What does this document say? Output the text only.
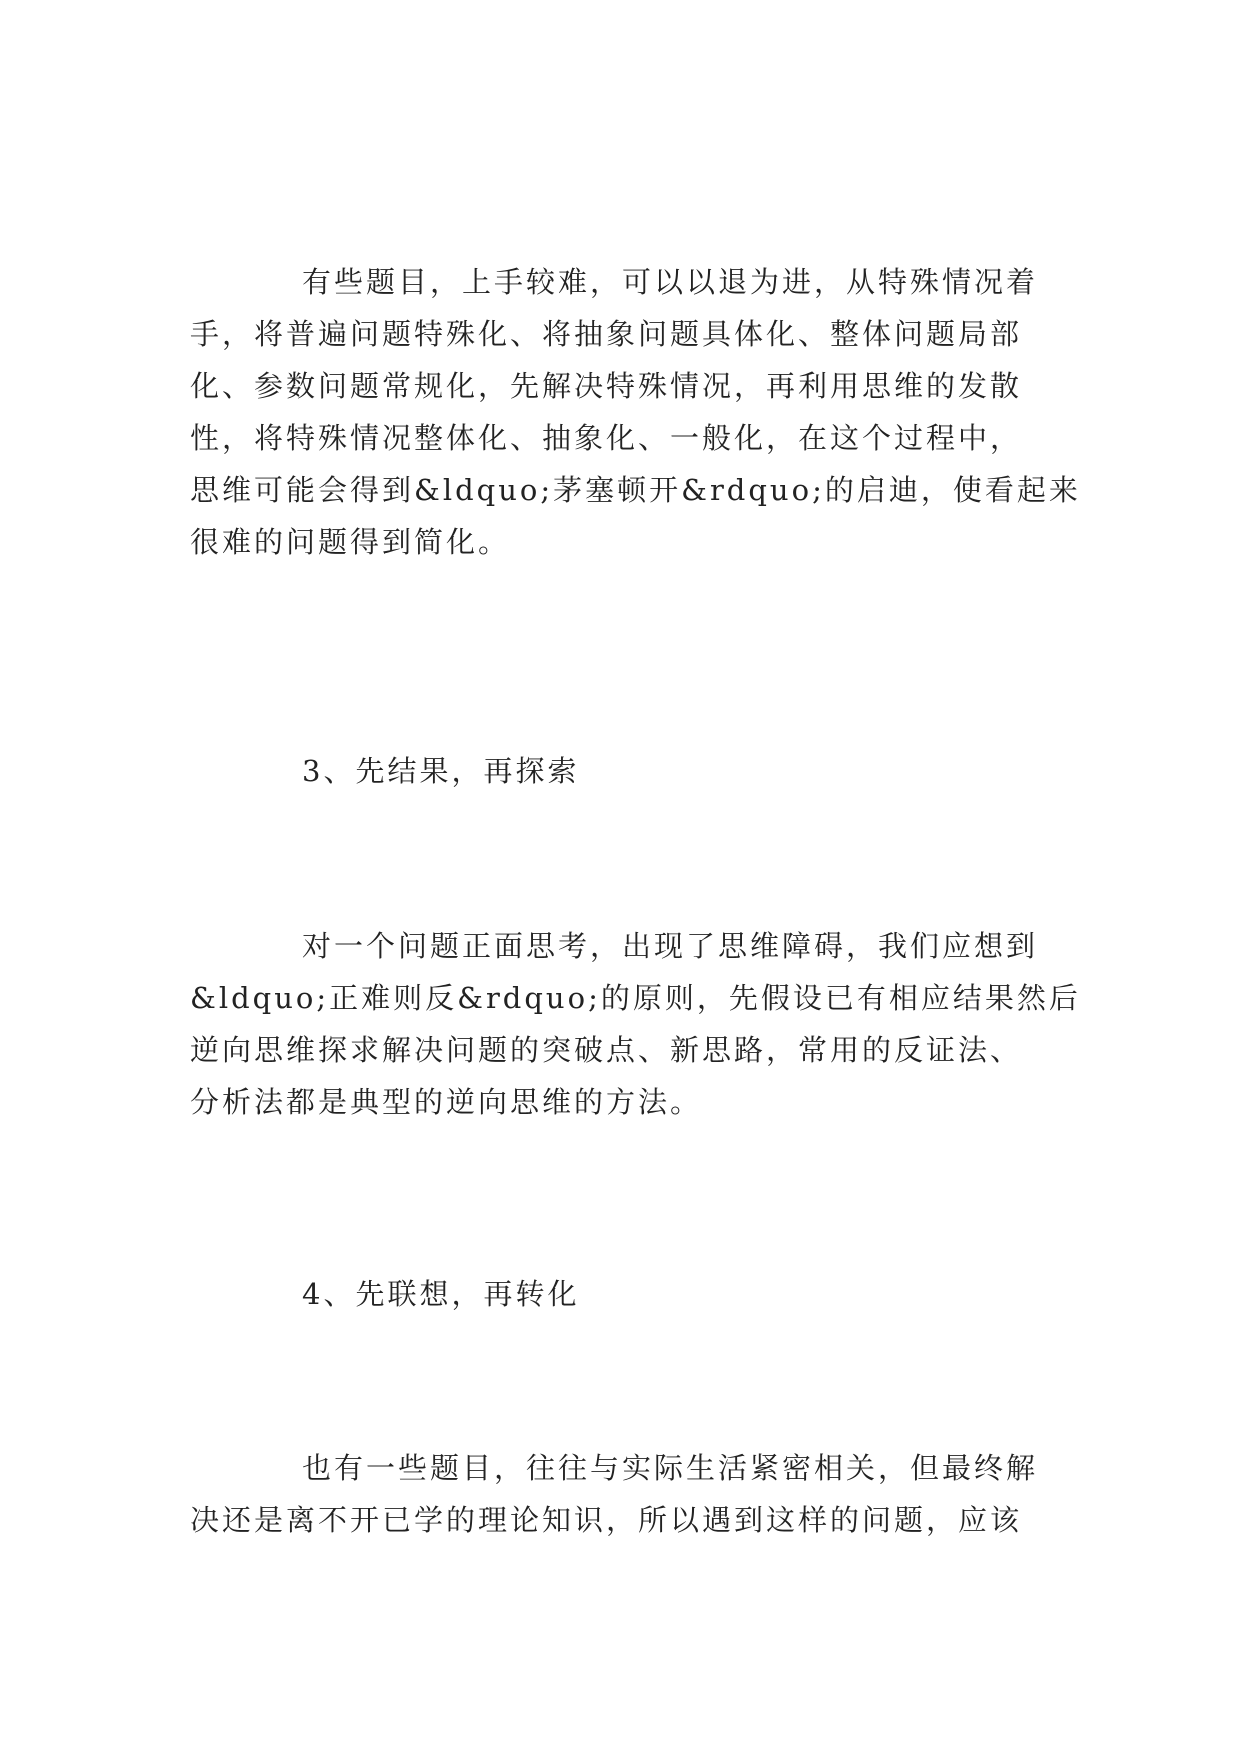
有些题目，上手较难，可以以退为进，从特殊情况着
手，将普遍问题特殊化、将抽象问题具体化、整体问题局部
化、参数问题常规化，先解决特殊情况，再利用思维的发散
性，将特殊情况整体化、抽象化、一般化，在这个过程中，
思维可能会得到&ldquo;茅塞顿开&rdquo;的启迪，使看起来
很难的问题得到简化。
3、先结果，再探索
对一个问题正面思考，出现了思维障碍，我们应想到
&ldquo;正难则反&rdquo;的原则，先假设已有相应结果然后
逆向思维探求解决问题的突破点、新思路，常用的反证法、
分析法都是典型的逆向思维的方法。
4、先联想，再转化
也有一些题目，往往与实际生活紧密相关，但最终解
决还是离不开已学的理论知识，所以遇到这样的问题，应该
